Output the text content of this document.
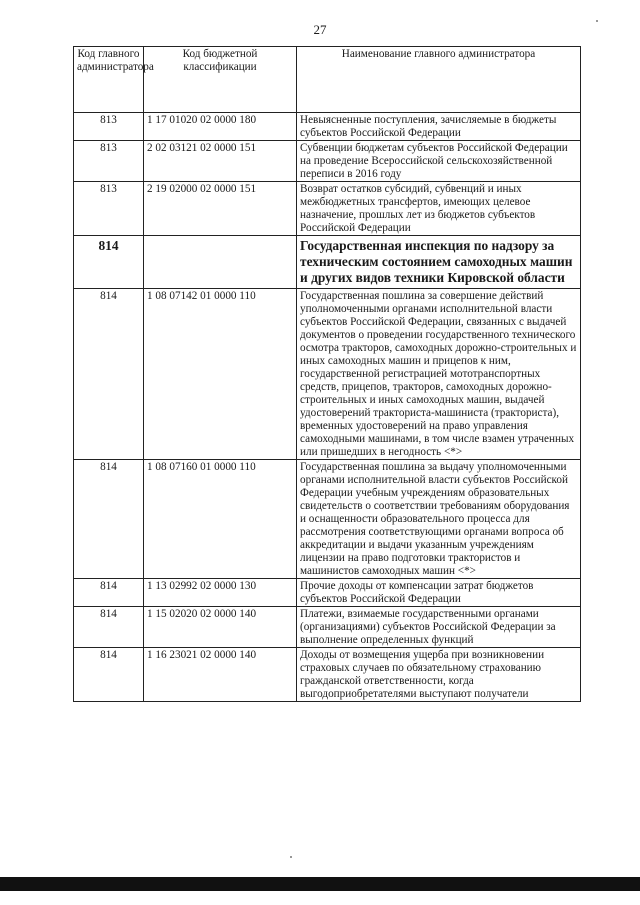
27
Код главного администратора	Код бюджетной классификации	Наименование главного администратора
813	1 17 01020 02 0000 180	Невыясненные поступления, зачисляемые в бюджеты субъектов Российской Федерации
813	2 02 03121 02 0000 151	Субвенции бюджетам субъектов Российской Федерации на проведение Всероссийской сельскохозяйственной переписи в 2016 году
813	2 19 02000 02 0000 151	Возврат остатков субсидий, субвенций и иных межбюджетных трансфертов, имеющих целевое назначение, прошлых лет из бюджетов субъектов Российской Федерации
814		Государственная инспекция по надзору за техническим состоянием самоходных машин и других видов техники Кировской области
814	1 08 07142 01 0000 110	Государственная пошлина за совершение действий уполномоченными органами исполнительной власти субъектов Российской Федерации, связанных с выдачей документов о проведении государственного технического осмотра тракторов, самоходных дорожно-строительных и иных самоходных машин и прицепов к ним, государственной регистрацией мототранспортных средств, прицепов, тракторов, самоходных дорожно-строительных и иных самоходных машин, выдачей удостоверений тракториста-машиниста (тракториста), временных удостоверений на право управления самоходными машинами, в том числе взамен утраченных или пришедших в негодность <*>
814	1 08 07160 01 0000 110	Государственная пошлина за выдачу уполномоченными органами исполнительной власти субъектов Российской Федерации учебным учреждениям образовательных свидетельств о соответствии требованиям оборудования и оснащенности образовательного процесса для рассмотрения соответствующими органами вопроса об аккредитации и выдачи указанным учреждениям лицензии на право подготовки трактористов и машинистов самоходных машин <*>
814	1 13 02992 02 0000 130	Прочие доходы от компенсации затрат бюджетов субъектов Российской Федерации
814	1 15 02020 02 0000 140	Платежи, взимаемые государственными органами (организациями) субъектов Российской Федерации за выполнение определенных функций
814	1 16 23021 02 0000 140	Доходы от возмещения ущерба при возникновении страховых случаев по обязательному страхованию гражданской ответственности, когда выгодоприобретателями выступают получатели
